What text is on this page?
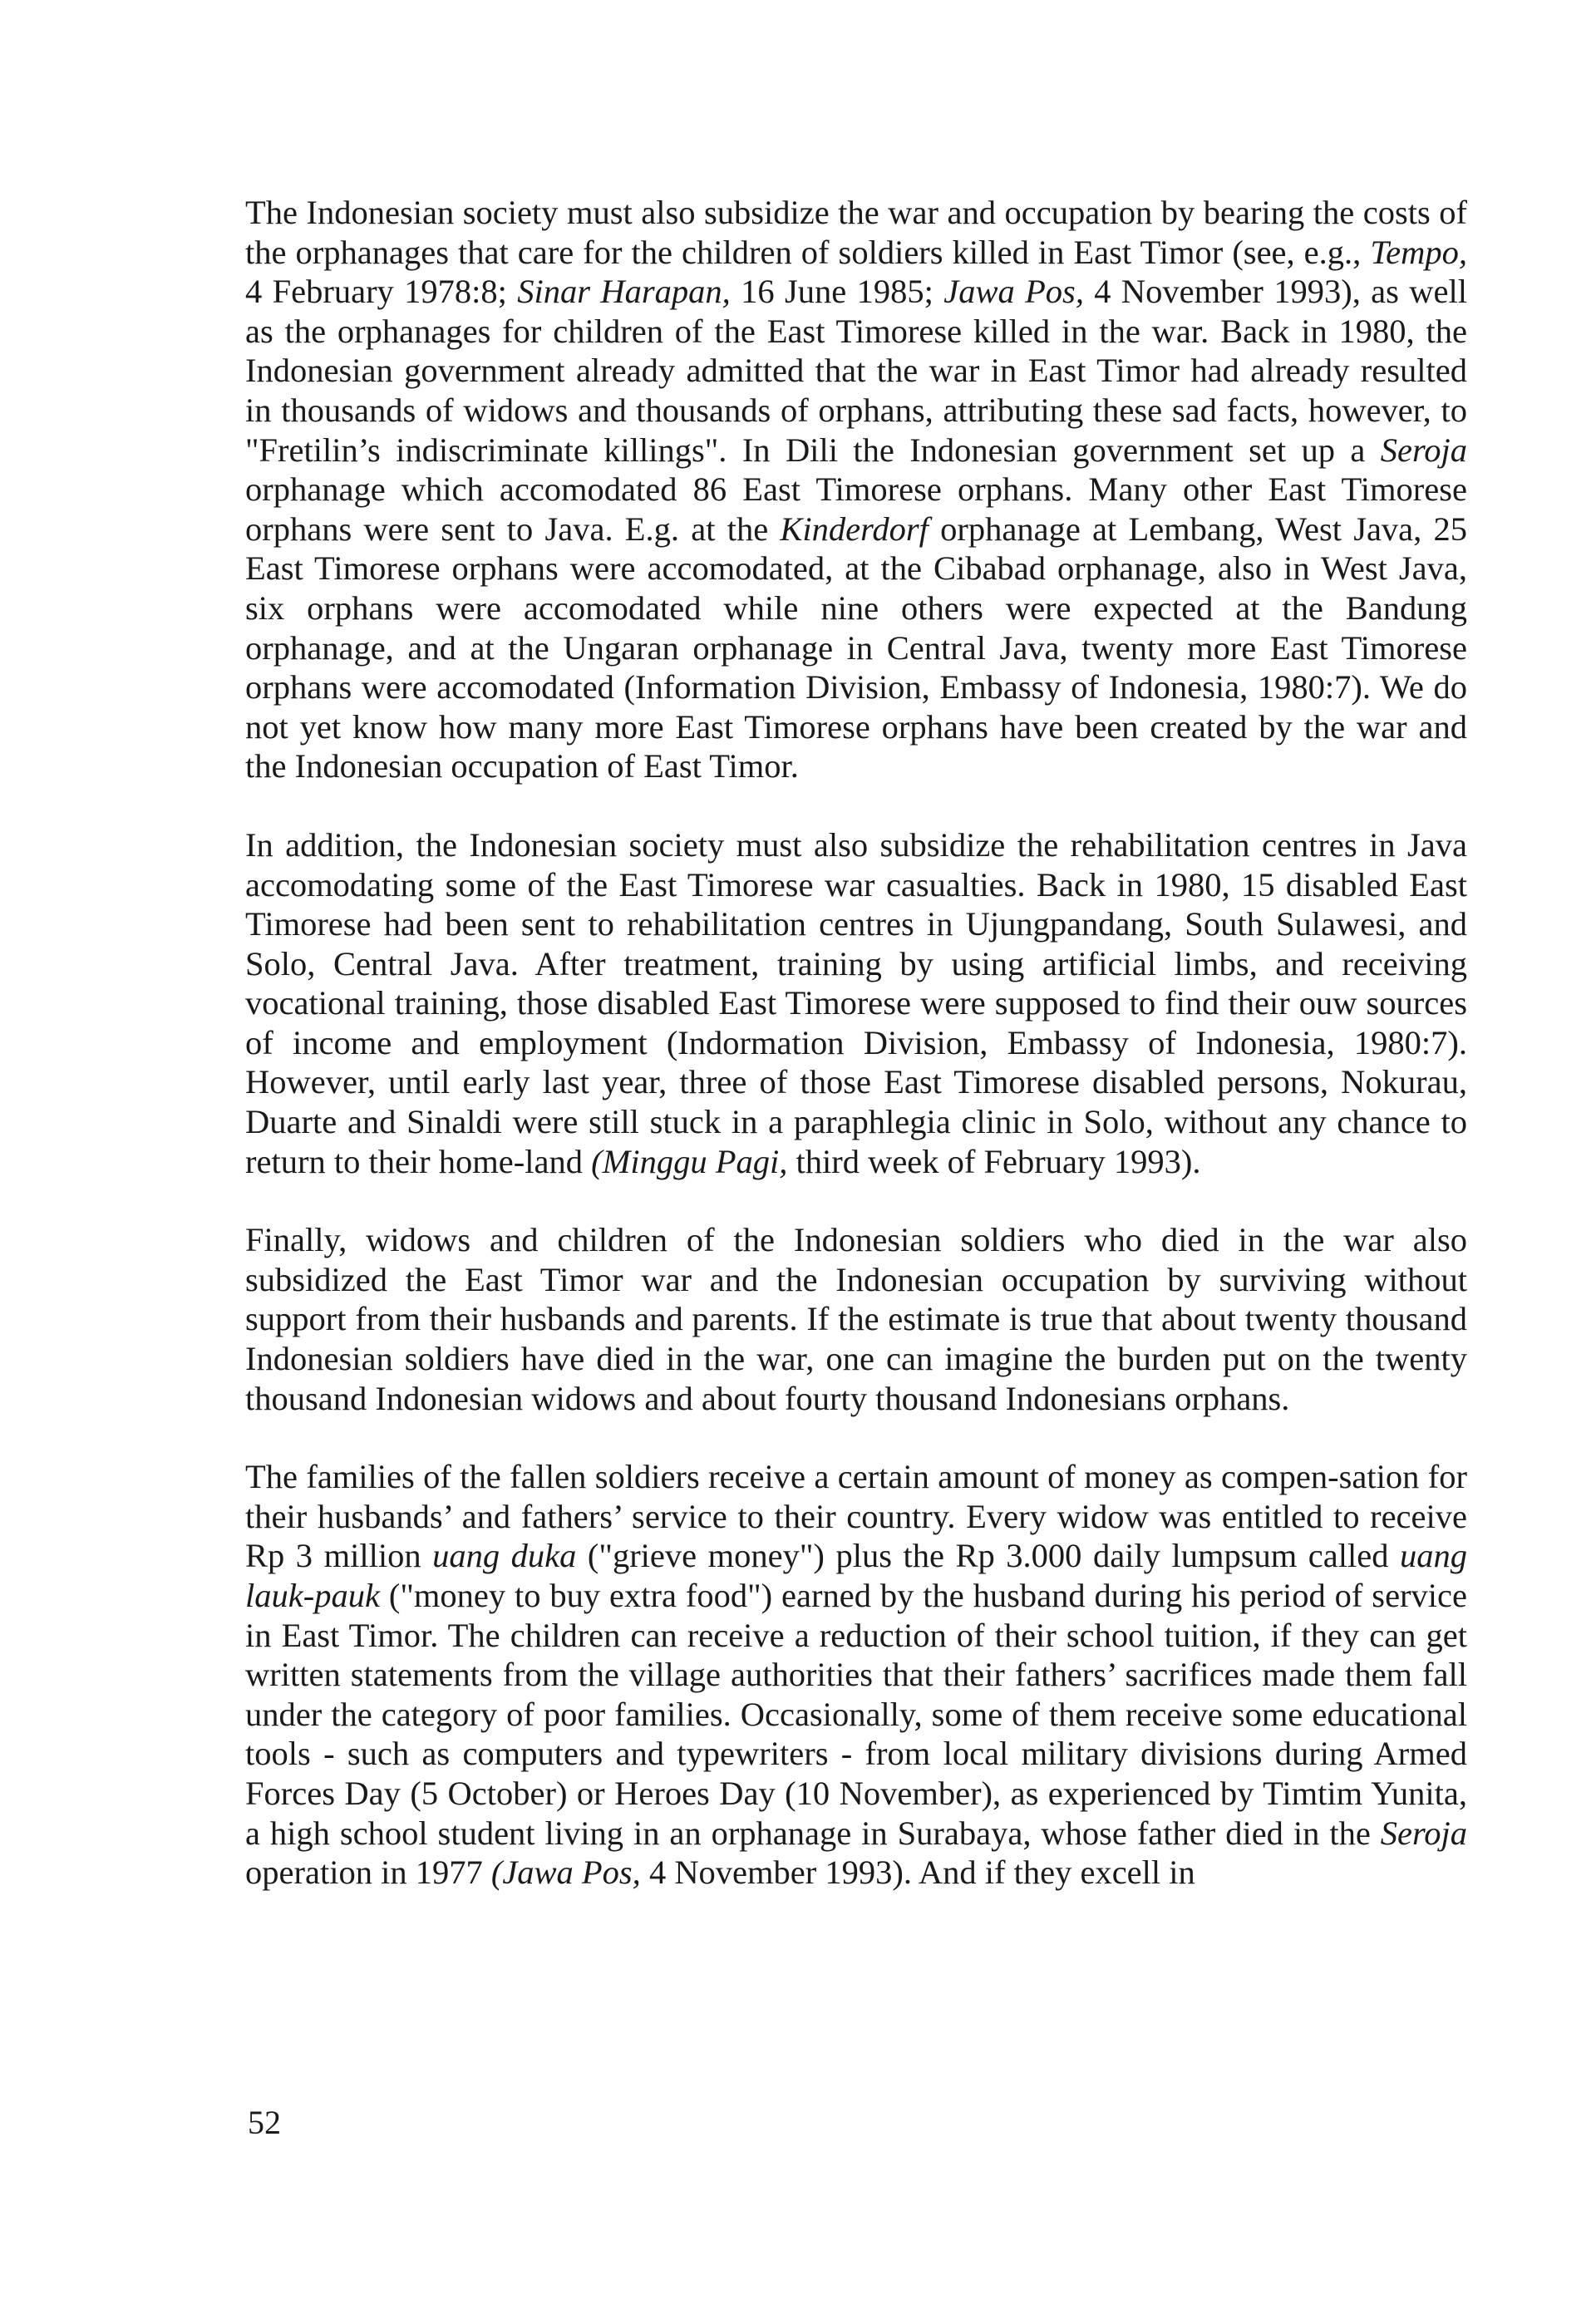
The Indonesian society must also subsidize the war and occupation by bearing the costs of the orphanages that care for the children of soldiers killed in East Timor (see, e.g., Tempo, 4 February 1978:8; Sinar Harapan, 16 June 1985; Jawa Pos, 4 November 1993), as well as the orphanages for children of the East Timorese killed in the war. Back in 1980, the Indonesian government already admitted that the war in East Timor had already resulted in thousands of widows and thousands of orphans, attributing these sad facts, however, to "Fretilin’s indiscriminate killings". In Dili the Indonesian government set up a Seroja orphanage which accomodated 86 East Timorese orphans. Many other East Timorese orphans were sent to Java. E.g. at the Kinderdorf orphanage at Lembang, West Java, 25 East Timorese orphans were accomodated, at the Cibabad orphanage, also in West Java, six orphans were accomodated while nine others were expected at the Bandung orphanage, and at the Ungaran orphanage in Central Java, twenty more East Timorese orphans were accomodated (Information Division, Embassy of Indonesia, 1980:7). We do not yet know how many more East Timorese orphans have been created by the war and the Indonesian occupation of East Timor.

In addition, the Indonesian society must also subsidize the rehabilitation centres in Java accomodating some of the East Timorese war casualties. Back in 1980, 15 disabled East Timorese had been sent to rehabilitation centres in Ujungpandang, South Sulawesi, and Solo, Central Java. After treatment, training by using artificial limbs, and receiving vocational training, those disabled East Timorese were supposed to find their ouw sources of income and employment (Indormation Division, Embassy of Indonesia, 1980:7). However, until early last year, three of those East Timorese disabled persons, Nokurau, Duarte and Sinaldi were still stuck in a paraphlegia clinic in Solo, without any chance to return to their home-land (Minggu Pagi, third week of February 1993).

Finally, widows and children of the Indonesian soldiers who died in the war also subsidized the East Timor war and the Indonesian occupation by surviving without support from their husbands and parents. If the estimate is true that about twenty thousand Indonesian soldiers have died in the war, one can imagine the burden put on the twenty thousand Indonesian widows and about fourty thousand Indonesians orphans.

The families of the fallen soldiers receive a certain amount of money as compen-sation for their husbands’ and fathers’ service to their country. Every widow was entitled to receive Rp 3 million uang duka ("grieve money") plus the Rp 3.000 daily lumpsum called uang lauk-pauk ("money to buy extra food") earned by the husband during his period of service in East Timor. The children can receive a reduction of their school tuition, if they can get written statements from the village authorities that their fathers’ sacrifices made them fall under the category of poor families. Occasionally, some of them receive some educational tools - such as computers and typewriters - from local military divisions during Armed Forces Day (5 October) or Heroes Day (10 November), as experienced by Timtim Yunita, a high school student living in an orphanage in Surabaya, whose father died in the Seroja operation in 1977 (Jawa Pos, 4 November 1993). And if they excell in

52
